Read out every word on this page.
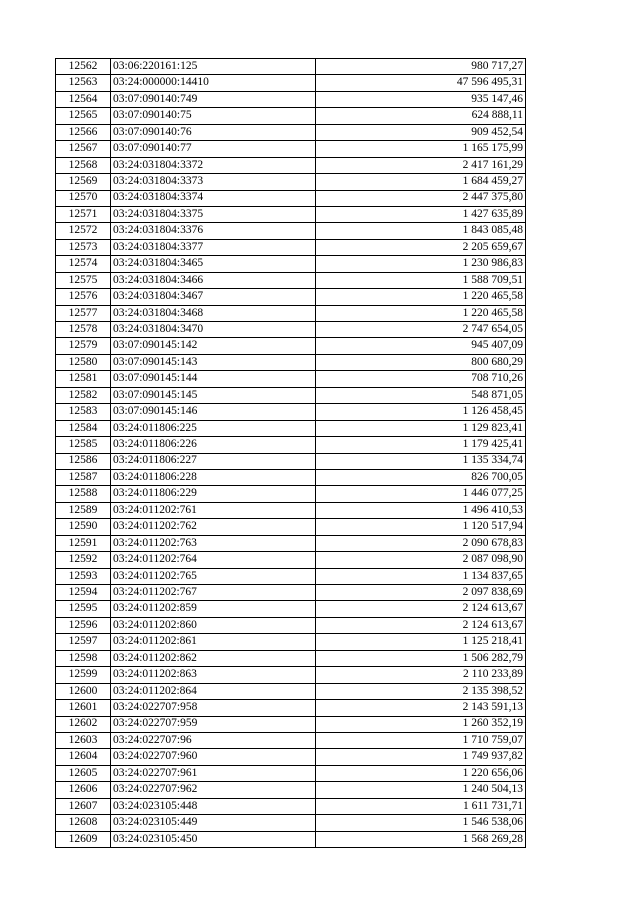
12562	03:06:220161:125	980 717,27
12563	03:24:000000:14410	47 596 495,31
12564	03:07:090140:749	935 147,46
12565	03:07:090140:75	624 888,11
12566	03:07:090140:76	909 452,54
12567	03:07:090140:77	1 165 175,99
12568	03:24:031804:3372	2 417 161,29
12569	03:24:031804:3373	1 684 459,27
12570	03:24:031804:3374	2 447 375,80
12571	03:24:031804:3375	1 427 635,89
12572	03:24:031804:3376	1 843 085,48
12573	03:24:031804:3377	2 205 659,67
12574	03:24:031804:3465	1 230 986,83
12575	03:24:031804:3466	1 588 709,51
12576	03:24:031804:3467	1 220 465,58
12577	03:24:031804:3468	1 220 465,58
12578	03:24:031804:3470	2 747 654,05
12579	03:07:090145:142	945 407,09
12580	03:07:090145:143	800 680,29
12581	03:07:090145:144	708 710,26
12582	03:07:090145:145	548 871,05
12583	03:07:090145:146	1 126 458,45
12584	03:24:011806:225	1 129 823,41
12585	03:24:011806:226	1 179 425,41
12586	03:24:011806:227	1 135 334,74
12587	03:24:011806:228	826 700,05
12588	03:24:011806:229	1 446 077,25
12589	03:24:011202:761	1 496 410,53
12590	03:24:011202:762	1 120 517,94
12591	03:24:011202:763	2 090 678,83
12592	03:24:011202:764	2 087 098,90
12593	03:24:011202:765	1 134 837,65
12594	03:24:011202:767	2 097 838,69
12595	03:24:011202:859	2 124 613,67
12596	03:24:011202:860	2 124 613,67
12597	03:24:011202:861	1 125 218,41
12598	03:24:011202:862	1 506 282,79
12599	03:24:011202:863	2 110 233,89
12600	03:24:011202:864	2 135 398,52
12601	03:24:022707:958	2 143 591,13
12602	03:24:022707:959	1 260 352,19
12603	03:24:022707:96	1 710 759,07
12604	03:24:022707:960	1 749 937,82
12605	03:24:022707:961	1 220 656,06
12606	03:24:022707:962	1 240 504,13
12607	03:24:023105:448	1 611 731,71
12608	03:24:023105:449	1 546 538,06
12609	03:24:023105:450	1 568 269,28
